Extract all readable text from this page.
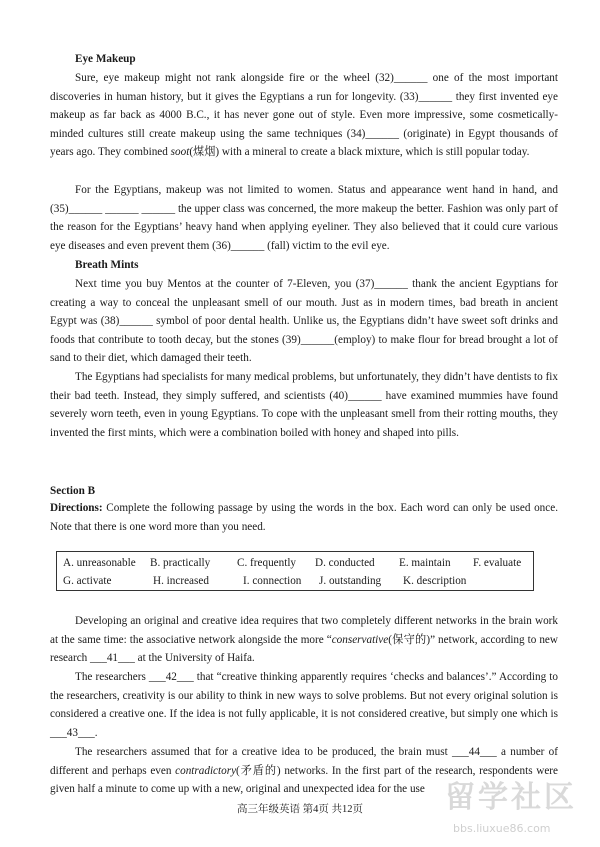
Eye Makeup

Sure, eye makeup might not rank alongside fire or the wheel (32)______ one of the most important discoveries in human history, but it gives the Egyptians a run for longevity. (33)______ they first invented eye makeup as far back as 4000 B.C., it has never gone out of style. Even more impressive, some cosmetically-minded cultures still create makeup using the same techniques (34)______ (originate) in Egypt thousands of years ago. They combined soot(煤烟) with a mineral to create a black mixture, which is still popular today.

For the Egyptians, makeup was not limited to women. Status and appearance went hand in hand, and (35)______ ______ ______ the upper class was concerned, the more makeup the better. Fashion was only part of the reason for the Egyptians’ heavy hand when applying eyeliner. They also believed that it could cure various eye diseases and even prevent them (36)______ (fall) victim to the evil eye.

Breath Mints

Next time you buy Mentos at the counter of 7-Eleven, you (37)______ thank the ancient Egyptians for creating a way to conceal the unpleasant smell of our mouth. Just as in modern times, bad breath in ancient Egypt was (38)______ symbol of poor dental health. Unlike us, the Egyptians didn’t have sweet soft drinks and foods that contribute to tooth decay, but the stones (39)______(employ) to make flour for bread brought a lot of sand to their diet, which damaged their teeth.

The Egyptians had specialists for many medical problems, but unfortunately, they didn’t have dentists to fix their bad teeth. Instead, they simply suffered, and scientists (40)______ have examined mummies have found severely worn teeth, even in young Egyptians. To cope with the unpleasant smell from their rotting mouths, they invented the first mints, which were a combination boiled with honey and shaped into pills.

Section B

Directions: Complete the following passage by using the words in the box. Each word can only be used once. Note that there is one word more than you need.

A. unreasonable B. practically C. frequently D. conducted E. maintain F. evaluate
G. activate	H. increased	I. connection J. outstanding K. description

Developing an original and creative idea requires that two completely different networks in the brain work at the same time: the associative network alongside the more “conservative(保守的)” network, according to new research ___41___ at the University of Haifa.

The researchers ___42___ that “creative thinking apparently requires ‘checks and balances’.” According to the researchers, creativity is our ability to think in new ways to solve problems. But not every original solution is considered a creative one. If the idea is not fully applicable, it is not considered creative, but simply one which is ___43___.

The researchers assumed that for a creative idea to be produced, the brain must ___44___ a number of different and perhaps even contradictory(矛盾的) networks. In the first part of the research, respondents were given half a minute to come up with a new, original and unexpected idea for the use

高三年级英语 第4页 共12页	留学社区
bbs.liuxue86.com
